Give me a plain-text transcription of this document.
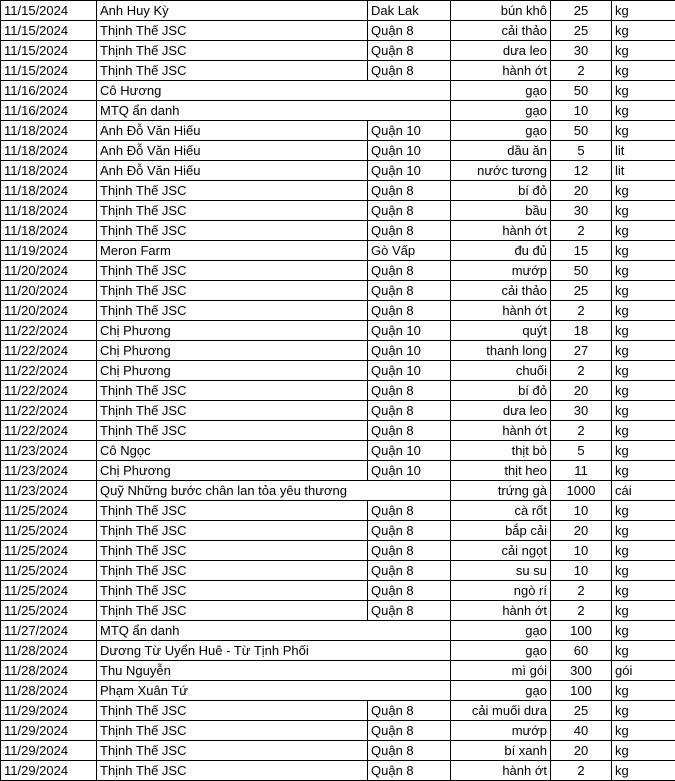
11/15/2024	Anh Huy Kỳ	Dak Lak	bún khô	25	kg
11/15/2024	Thịnh Thế JSC	Quận 8	cải thảo	25	kg
11/15/2024	Thịnh Thế JSC	Quận 8	dưa leo	30	kg
11/15/2024	Thịnh Thế JSC	Quận 8	hành ớt	2	kg
11/16/2024	Cô Hương		gạo	50	kg
11/16/2024	MTQ ẩn danh		gạo	10	kg
11/18/2024	Anh Đỗ Văn Hiếu	Quận 10	gạo	50	kg
11/18/2024	Anh Đỗ Văn Hiếu	Quận 10	dầu ăn	5	lit
11/18/2024	Anh Đỗ Văn Hiếu	Quận 10	nước tương	12	lit
11/18/2024	Thịnh Thế JSC	Quận 8	bí đỏ	20	kg
11/18/2024	Thịnh Thế JSC	Quận 8	bầu	30	kg
11/18/2024	Thịnh Thế JSC	Quận 8	hành ớt	2	kg
11/19/2024	Meron Farm	Gò Vấp	đu đủ	15	kg
11/20/2024	Thịnh Thế JSC	Quận 8	mướp	50	kg
11/20/2024	Thịnh Thế JSC	Quận 8	cải thảo	25	kg
11/20/2024	Thịnh Thế JSC	Quận 8	hành ớt	2	kg
11/22/2024	Chị Phương	Quận 10	quýt	18	kg
11/22/2024	Chị Phương	Quận 10	thanh long	27	kg
11/22/2024	Chị Phương	Quận 10	chuối	2	kg
11/22/2024	Thịnh Thế JSC	Quận 8	bí đỏ	20	kg
11/22/2024	Thịnh Thế JSC	Quận 8	dưa leo	30	kg
11/22/2024	Thịnh Thế JSC	Quận 8	hành ớt	2	kg
11/23/2024	Cô Ngọc	Quận 10	thịt bò	5	kg
11/23/2024	Chị Phương	Quận 10	thịt heo	11	kg
11/23/2024	Quỹ Những bước chân lan tỏa yêu thương		trứng gà	1000	cái
11/25/2024	Thịnh Thế JSC	Quận 8	cà rốt	10	kg
11/25/2024	Thịnh Thế JSC	Quận 8	bắp cải	20	kg
11/25/2024	Thịnh Thế JSC	Quận 8	cải ngọt	10	kg
11/25/2024	Thịnh Thế JSC	Quận 8	su su	10	kg
11/25/2024	Thịnh Thế JSC	Quận 8	ngò rí	2	kg
11/25/2024	Thịnh Thế JSC	Quận 8	hành ớt	2	kg
11/27/2024	MTQ ẩn danh		gạo	100	kg
11/28/2024	Dương Từ Uyển Huê - Từ Tịnh Phối		gạo	60	kg
11/28/2024	Thu Nguyễn		mì gói	300	gói
11/28/2024	Phạm Xuân Tứ		gạo	100	kg
11/29/2024	Thịnh Thế JSC	Quận 8	cải muối dưa	25	kg
11/29/2024	Thịnh Thế JSC	Quận 8	mướp	40	kg
11/29/2024	Thịnh Thế JSC	Quận 8	bí xanh	20	kg
11/29/2024	Thịnh Thế JSC	Quận 8	hành ớt	2	kg
